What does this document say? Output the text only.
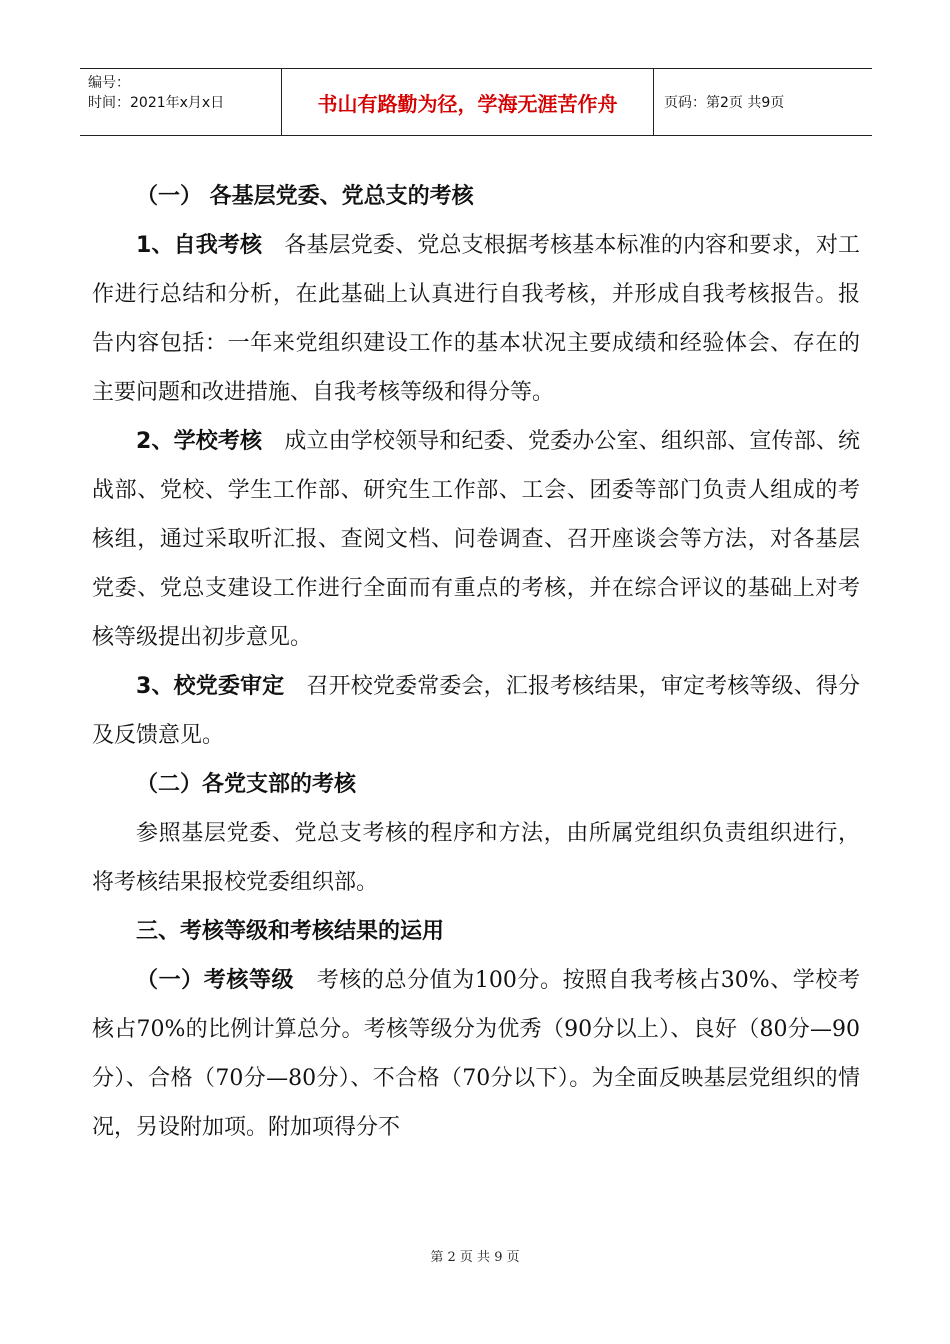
编号：
时间：2021年x月x日	书山有路勤为径，学海无涯苦作舟	页码：第2页 共9页

（一） 各基层党委、党总支的考核

1、自我考核　各基层党委、党总支根据考核基本标准的内容和要求，对工作进行总结和分析，在此基础上认真进行自我考核，并形成自我考核报告。报告内容包括：一年来党组织建设工作的基本状况主要成绩和经验体会、存在的主要问题和改进措施、自我考核等级和得分等。

2、学校考核　成立由学校领导和纪委、党委办公室、组织部、宣传部、统战部、党校、学生工作部、研究生工作部、工会、团委等部门负责人组成的考核组，通过采取听汇报、查阅文档、问卷调查、召开座谈会等方法，对各基层党委、党总支建设工作进行全面而有重点的考核，并在综合评议的基础上对考核等级提出初步意见。

3、校党委审定　召开校党委常委会，汇报考核结果，审定考核等级、得分及反馈意见。

（二）各党支部的考核

参照基层党委、党总支考核的程序和方法，由所属党组织负责组织进行，将考核结果报校党委组织部。

三、考核等级和考核结果的运用

（一）考核等级　考核的总分值为100分。按照自我考核占30%、学校考核占70%的比例计算总分。考核等级分为优秀（90分以上）、良好（80分—90分）、合格（70分—80分）、不合格（70分以下）。为全面反映基层党组织的情况，另设附加项。附加项得分不

第 2 页 共 9 页
